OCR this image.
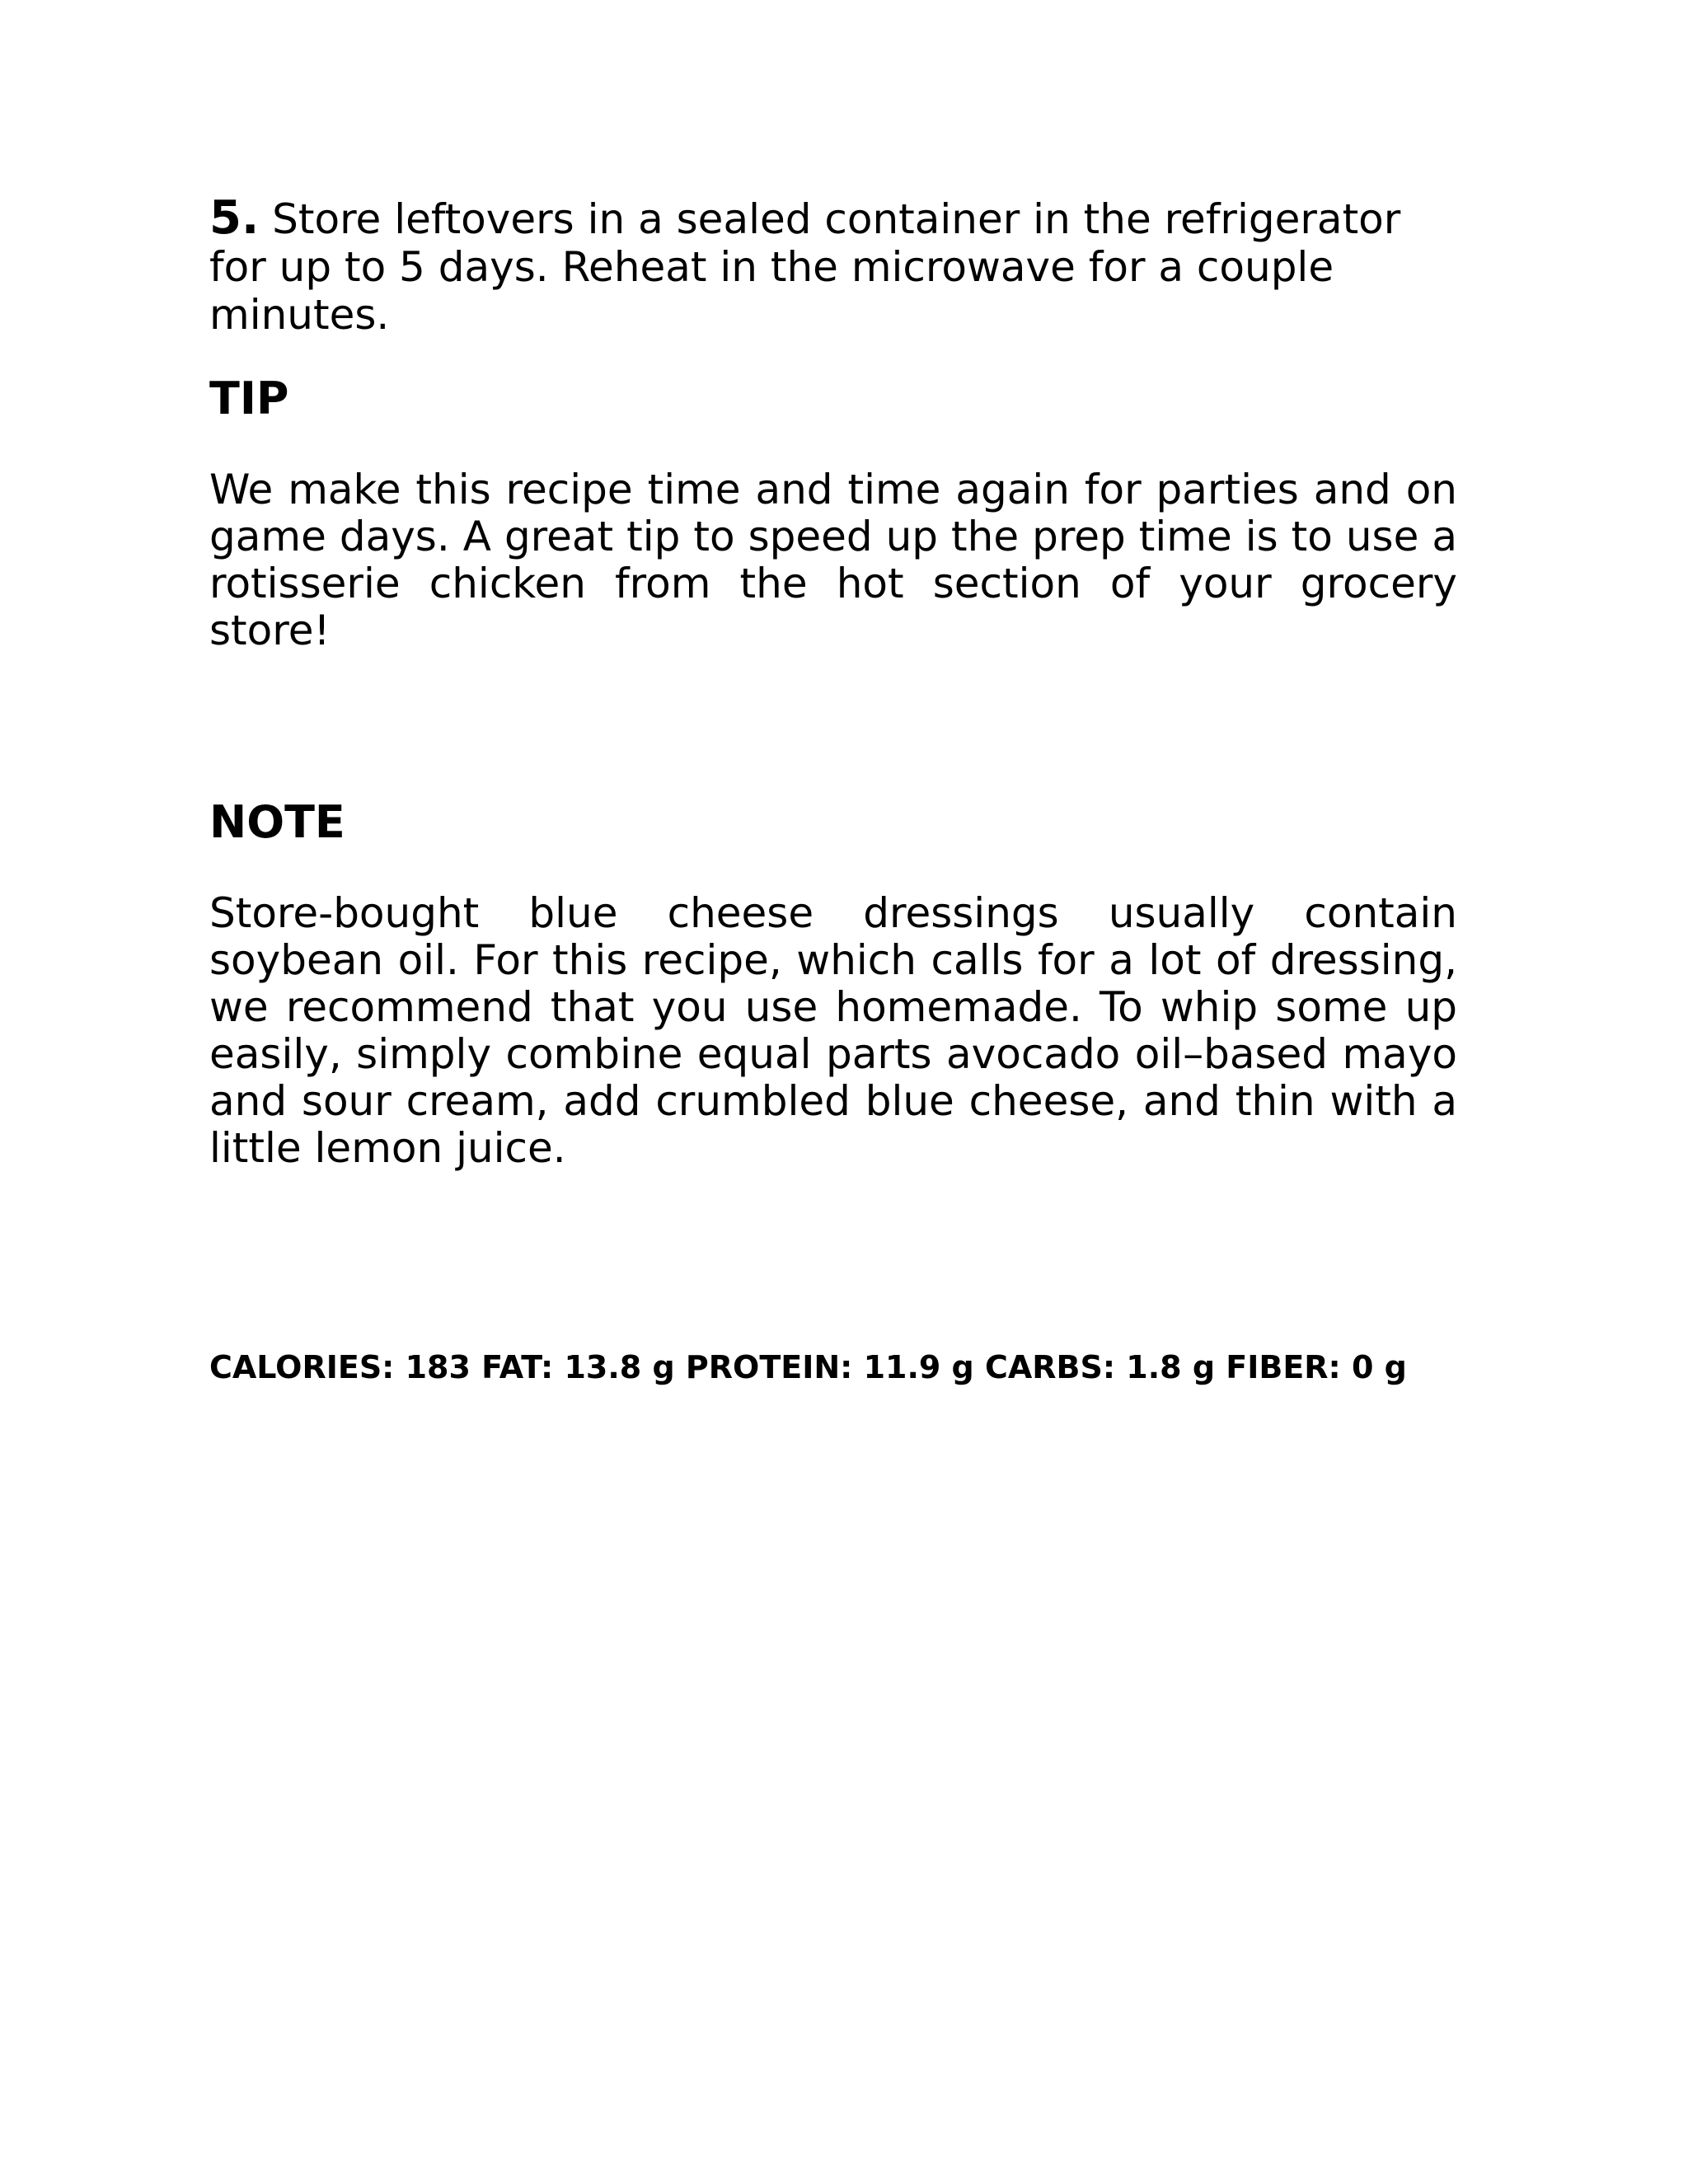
5. Store leftovers in a sealed container in the refrigerator for up to 5 days. Reheat in the microwave for a couple minutes.
TIP

We make this recipe time and time again for parties and on game days. A great tip to speed up the prep time is to use a rotisserie chicken from the hot section of your grocery store!

NOTE

Store-bought blue cheese dressings usually contain soybean oil. For this recipe, which calls for a lot of dressing, we recommend that you use homemade. To whip some up easily, simply combine equal parts avocado oil–based mayo and sour cream, add crumbled blue cheese, and thin with a little lemon juice.

CALORIES: 183 FAT: 13.8 g PROTEIN: 11.9 g CARBS: 1.8 g FIBER: 0 g
